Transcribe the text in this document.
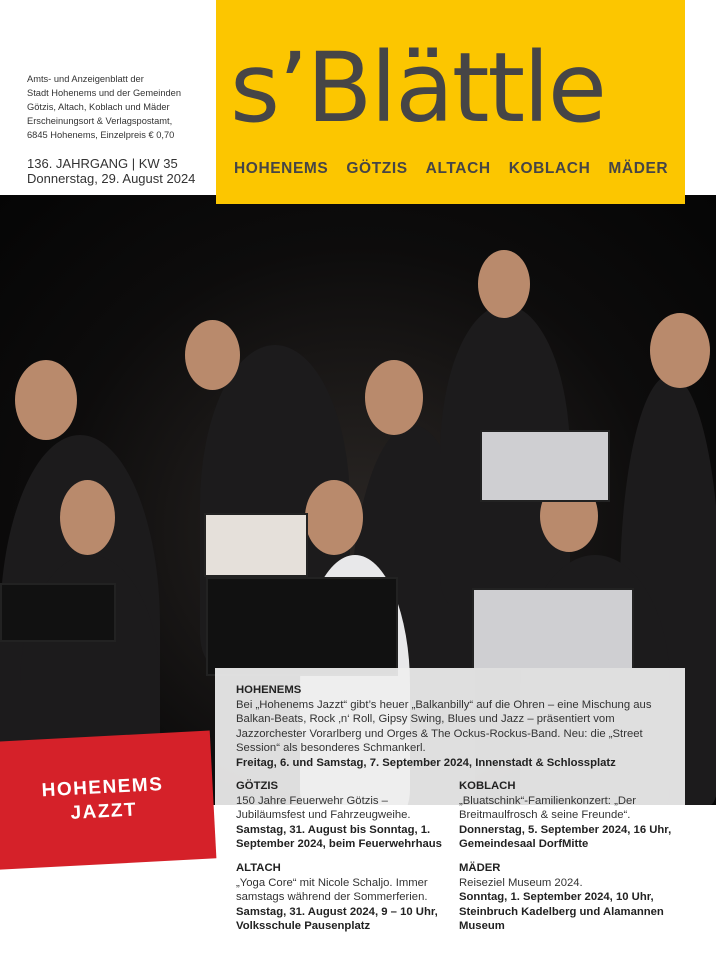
Amts- und Anzeigenblatt der
Stadt Hohenems und der Gemeinden
Götzis, Altach, Koblach und Mäder
Erscheinungsort & Verlagspostamt,
6845 Hohenems, Einzelpreis € 0,70
136. JAHRGANG | KW 35
Donnerstag, 29. August 2024
s’Blättle
HOHENEMS GÖTZIS ALTACH KOBLACH MÄDER
HOHENEMS
Bei „Hohenems Jazzt“ gibt’s heuer „Balkanbilly“ auf die Ohren – eine Mischung aus Balkan-Beats, Rock ‚n‘ Roll, Gipsy Swing, Blues und Jazz – präsentiert vom Jazzorchester Vorarlberg und Orges & The Ockus-Rockus-Band. Neu: die „Street Session“ als besonderes Schmankerl.
Freitag, 6. und Samstag, 7. September 2024, Innenstadt & Schlossplatz
GÖTZIS
150 Jahre Feuerwehr Götzis – Jubiläumsfest und Fahrzeugweihe.
Samstag, 31. August bis Sonntag, 1. September 2024, beim Feuerwehrhaus
KOBLACH
„Bluatschink“-Familienkonzert: „Der Breitmaulfrosch & seine Freunde“.
Donnerstag, 5. September 2024, 16 Uhr, Gemeindesaal DorfMitte
ALTACH
„Yoga Core“ mit Nicole Schaljo. Immer samstags während der Sommerferien.
Samstag, 31. August 2024, 9 – 10 Uhr, Volksschule Pausenplatz
MÄDER
Reiseziel Museum 2024.
Sonntag, 1. September 2024, 10 Uhr, Steinbruch Kadelberg und Alamannen Museum
HOHENEMS
JAZZT
